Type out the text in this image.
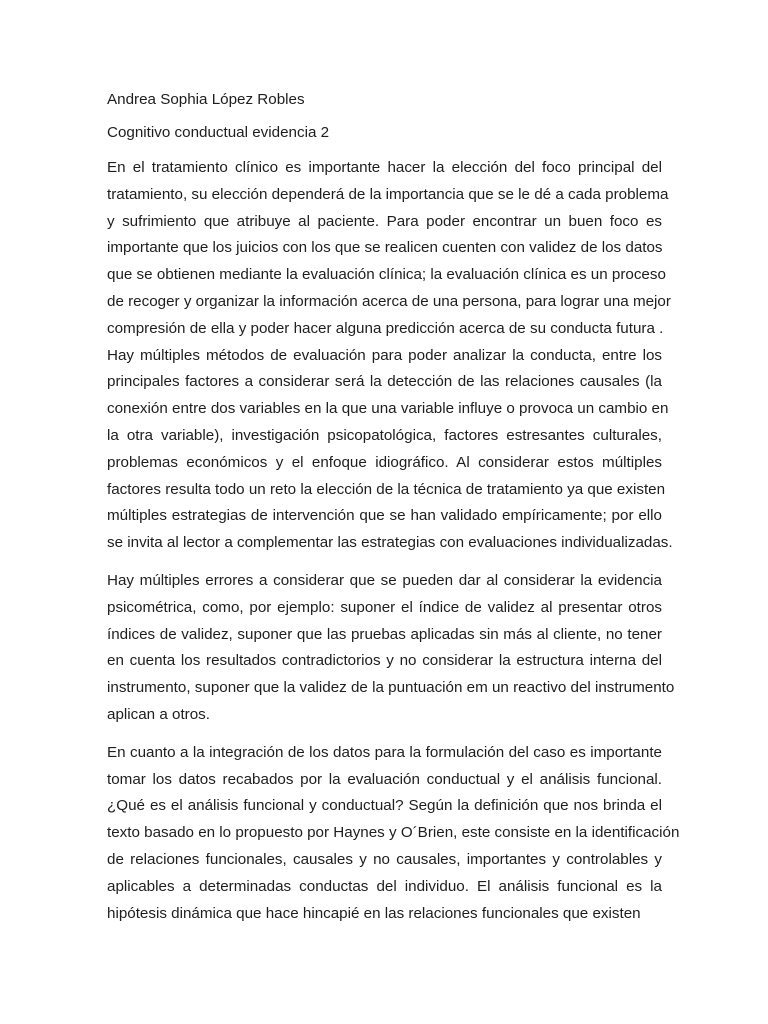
Andrea Sophia López Robles

Cognitivo conductual evidencia 2

En el tratamiento clínico es importante hacer la elección del foco principal del
tratamiento, su elección dependerá de la importancia que se le dé a cada problema
y sufrimiento que atribuye al paciente. Para poder encontrar un buen foco es
importante que los juicios con los que se realicen cuenten con validez de los datos
que se obtienen mediante la evaluación clínica; la evaluación clínica es un proceso
de recoger y organizar la información acerca de una persona, para lograr una mejor
compresión de ella y poder hacer alguna predicción acerca de su conducta futura .
Hay múltiples métodos de evaluación para poder analizar la conducta, entre los
principales factores a considerar será la detección de las relaciones causales (la
conexión entre dos variables en la que una variable influye o provoca un cambio en
la otra variable), investigación psicopatológica, factores estresantes culturales,
problemas económicos y el enfoque idiográfico. Al considerar estos múltiples
factores resulta todo un reto la elección de la técnica de tratamiento ya que existen
múltiples estrategias de intervención que se han validado empíricamente; por ello
se invita al lector a complementar las estrategias con evaluaciones individualizadas.

Hay múltiples errores a considerar que se pueden dar al considerar la evidencia
psicométrica, como, por ejemplo: suponer el índice de validez al presentar otros
índices de validez, suponer que las pruebas aplicadas sin más al cliente, no tener
en cuenta los resultados contradictorios y no considerar la estructura interna del
instrumento, suponer que la validez de la puntuación em un reactivo del instrumento
aplican a otros.

En cuanto a la integración de los datos para la formulación del caso es importante
tomar los datos recabados por la evaluación conductual y el análisis funcional.
¿Qué es el análisis funcional y conductual? Según la definición que nos brinda el
texto basado en lo propuesto por Haynes y O´Brien, este consiste en la identificación
de relaciones funcionales, causales y no causales, importantes y controlables y
aplicables a determinadas conductas del individuo. El análisis funcional es la
hipótesis dinámica que hace hincapié en las relaciones funcionales que existen
